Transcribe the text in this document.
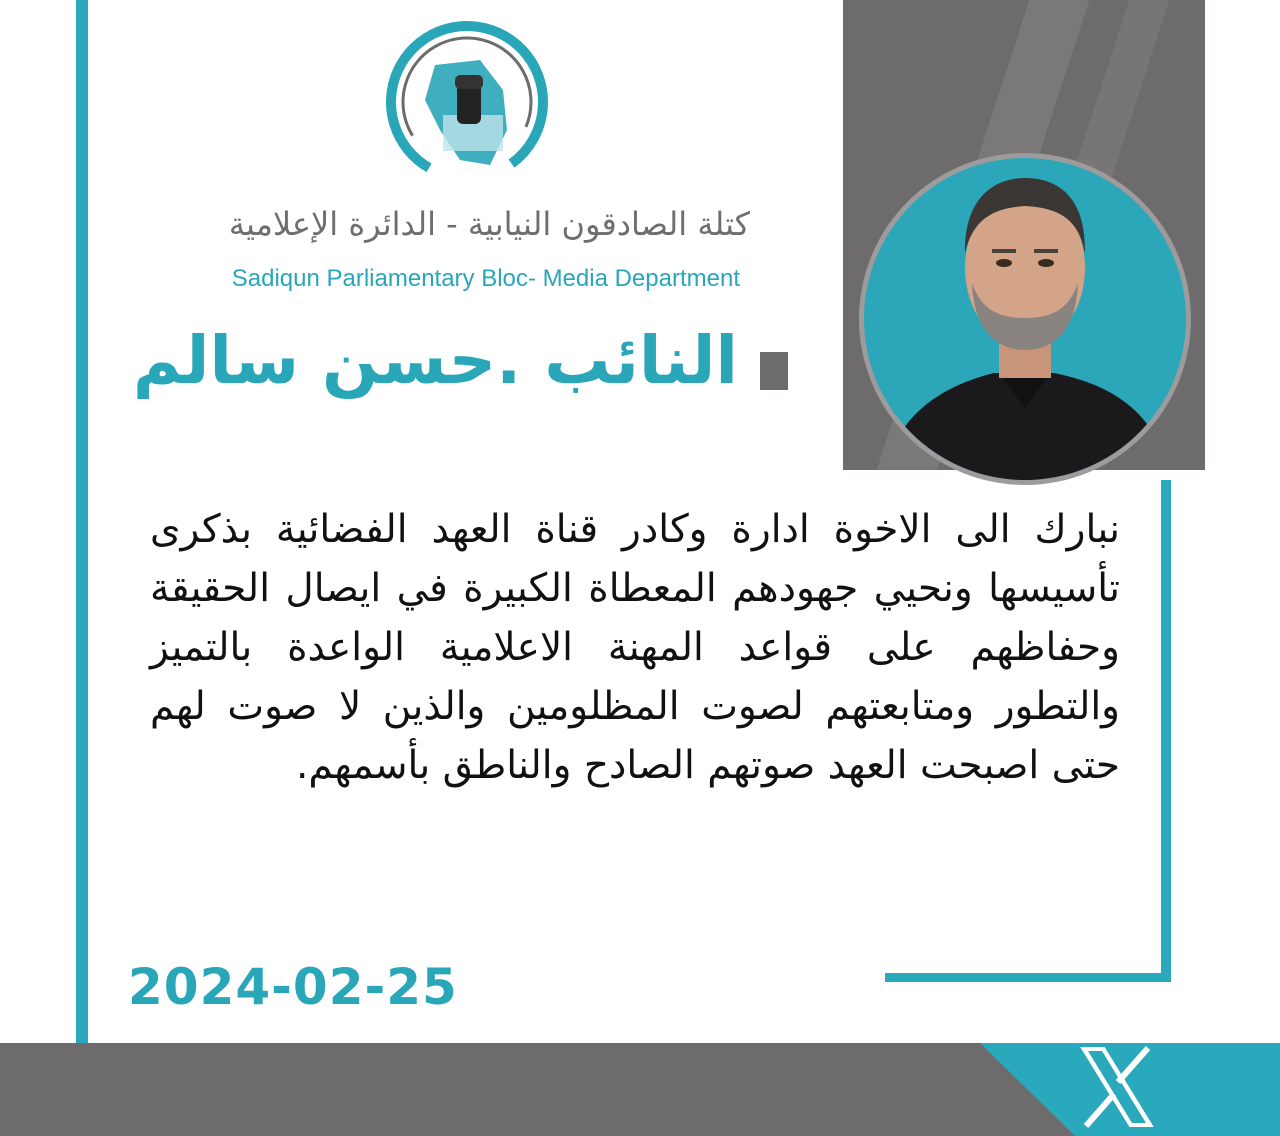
كتلة الصادقون النيابية - الدائرة الإعلامية
Sadiqun Parliamentary Bloc- Media Department
النائب .حسن سالم
نبارك الى الاخوة ادارة وكادر قناة العهد الفضائية بذكرى تأسيسها ونحيي جهودهم المعطاة الكبيرة في ايصال الحقيقة وحفاظهم على قواعد المهنة الاعلامية الواعدة بالتميز والتطور ومتابعتهم لصوت المظلومين والذين لا صوت لهم حتى اصبحت العهد صوتهم الصادح والناطق بأسمهم.
2024-02-25
